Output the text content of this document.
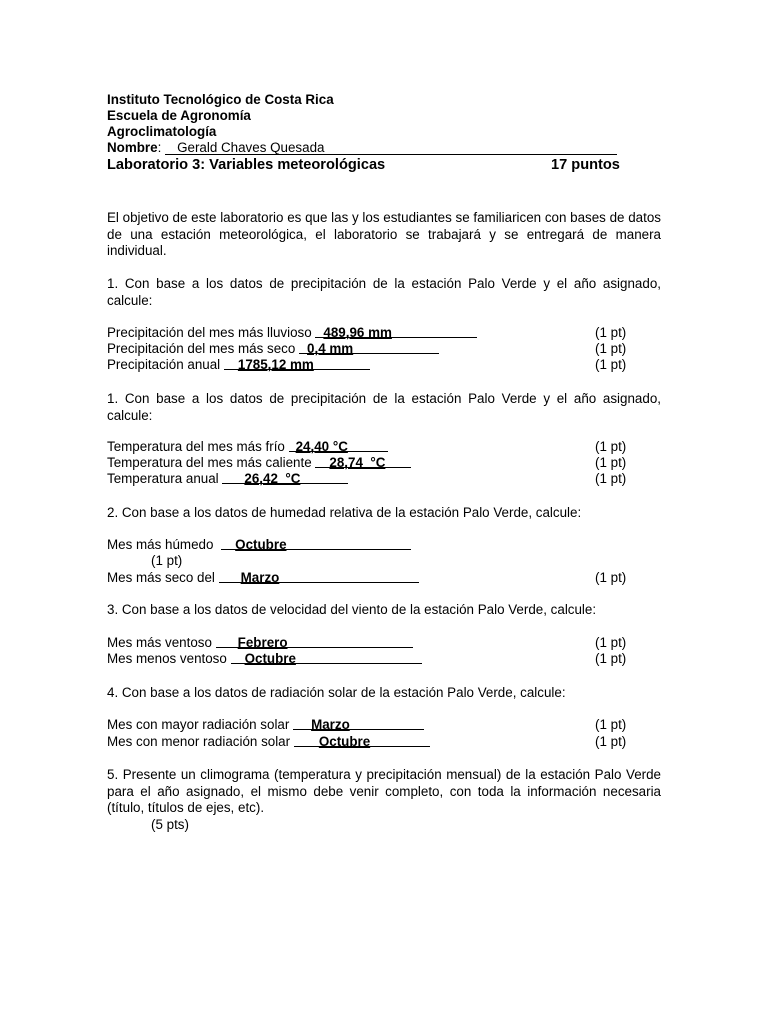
Instituto Tecnológico de Costa Rica
Escuela de Agronomía
Agroclimatología
Nombre: Gerald Chaves Quesada
Laboratorio 3: Variables meteorológicas	17 puntos
El objetivo de este laboratorio es que las y los estudiantes se familiaricen con bases de datos de una estación meteorológica, el laboratorio se trabajará y se entregará de manera individual.
1. Con base a los datos de precipitación de la estación Palo Verde y el año asignado, calcule:
Precipitación del mes más lluvioso 489,96 mm	(1 pt)
Precipitación del mes más seco 0,4 mm	(1 pt)
Precipitación anual 1785,12 mm	(1 pt)
1. Con base a los datos de precipitación de la estación Palo Verde y el año asignado, calcule:
Temperatura del mes más frío 24,40 °C	(1 pt)
Temperatura del mes más caliente 28,74  °C	(1 pt)
Temperatura anual 26,42  °C	(1 pt)
2. Con base a los datos de humedad relativa de la estación Palo Verde, calcule:
Mes más húmedo Octubre
(1 pt)
Mes más seco del Marzo	(1 pt)
3. Con base a los datos de velocidad del viento de la estación Palo Verde, calcule:
Mes más ventoso Febrero	(1 pt)
Mes menos ventoso Octubre	(1 pt)
4. Con base a los datos de radiación solar de la estación Palo Verde, calcule:
Mes con mayor radiación solar Marzo	(1 pt)
Mes con menor radiación solar Octubre	(1 pt)
5. Presente un climograma (temperatura y precipitación mensual) de la estación Palo Verde para el año asignado, el mismo debe venir completo, con toda la información necesaria (título, títulos de ejes, etc).
(5 pts)
